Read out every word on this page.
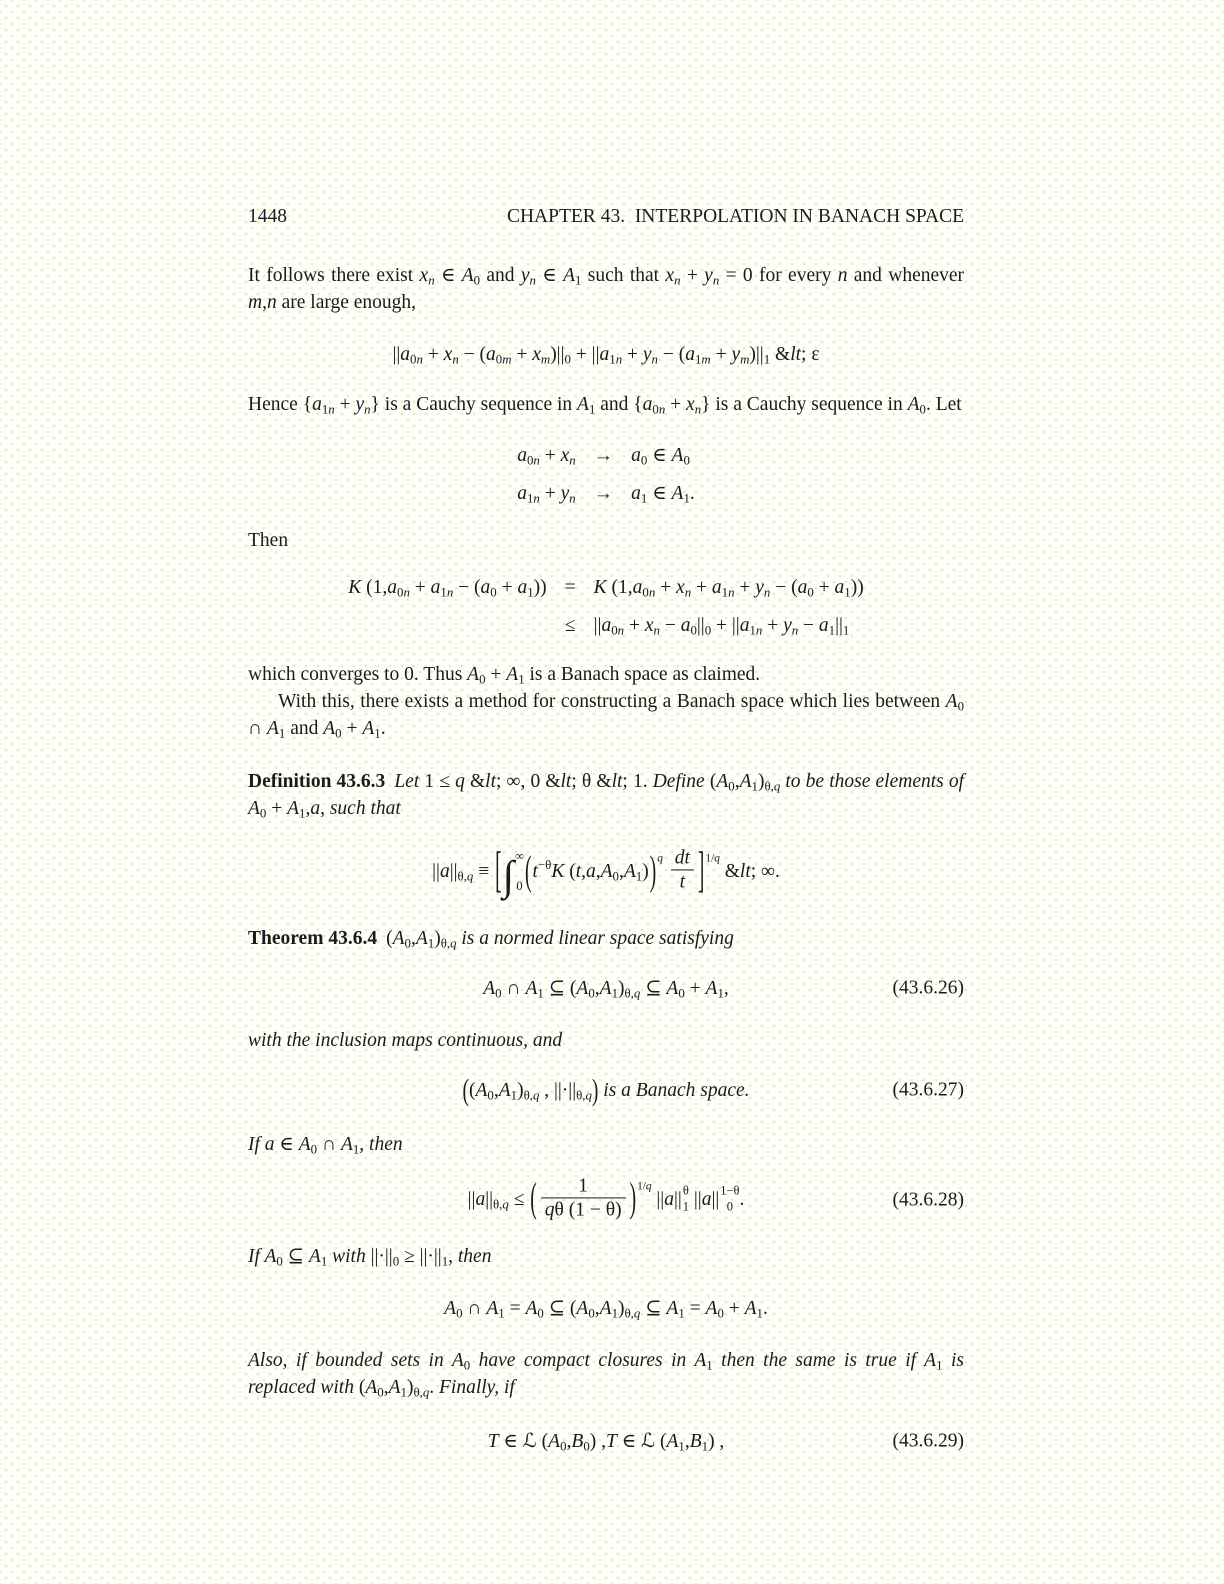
1448	CHAPTER 43. INTERPOLATION IN BANACH SPACE

It follows there exist $x_n$ ∈ $A_0$ and $y_n$ ∈ $A_1$ such that $x_n + y_n = 0$ for every n and whenever m,n are large enough,

$||a_{0n} + x_n - (a_{0m} + x_m)||_0 + ||a_{1n} + y_n - (a_{1m} + y_m)||_1$ &lt; ε

Hence $\{a_{1n} + y_n\}$ is a Cauchy sequence in $A_1$ and $\{a_{0n} + x_n\}$ is a Cauchy sequence in $A_0$. Let

$a_{0n} + x_n \to a_0$ ∈ $A_0$
$a_{1n} + y_n \to a_1$ ∈ $A_1$.

Then

K $(1,a_{0n} + a_{1n} - (a_0 + a_1)) = K$ $(1,a_{0n} + x_n + a_{1n} + y_n - (a_0 + a_1))$
≤ $||a_{0n} + x_n - a_0||_0 + ||a_{1n} + y_n - a_1||_1$

which converges to 0. Thus $A_0 + A_1$ is a Banach space as claimed.

With this, there exists a method for constructing a Banach space which lies between $A_0$ ∩ $A_1$ and $A_0 + A_1$.

Definition 43.6.3 Let 1 ≤ q &lt; ∞, 0 &lt; θ &lt; 1. Define $(A_0,A_1)_{\theta,q}$ to be those elements of $A_0 + A_1,a$, such that

$||a||_{\theta,q}$ ≡ [∫ ∞
0 ($t^{-\theta}K$ $(t,a,A_0,A_1))^q \frac{dt}{t} ]^{1/q}$ &lt; ∞.

Theorem 43.6.4 $(A_0,A_1)_{\theta,q}$ is a normed linear space satisfying

$A_0$ ∩ $A_1$ ⊆ $(A_0,A_1)_{\theta,q}$ ⊆ $A_0 + A_1$,	(43.6.26)

with the inclusion maps continuous, and

($(A_0,A_1)_{\theta,q}$ , $||\cdot||_{\theta,q}$) is a Banach space.	(43.6.27)

If a ∈ $A_0$ ∩ $A_1$, then

$||a||_{\theta,q}$ ≤ ( $\frac{1}{q\theta (1 - \theta)} )^{1/q}$ ||a|| θ
1 ||a|| 1−θ
0 .	(43.6.28)

If $A_0$ ⊆ $A_1$ with $||\cdot||_0 \ge ||\cdot||_1$, then

$A_0$ ∩ $A_1 = A_0$ ⊆ $(A_0,A_1)_{\theta,q}$ ⊆ $A_1 = A_0 + A_1$.

Also, if bounded sets in $A_0$ have compact closures in $A_1$ then the same is true if $A_1$ is replaced with $(A_0,A_1)_{\theta,q}$. Finally, if

T ∈ ℒ $(A_0,B_0)$ ,T ∈ ℒ $(A_1,B_1)$ ,	(43.6.29)
